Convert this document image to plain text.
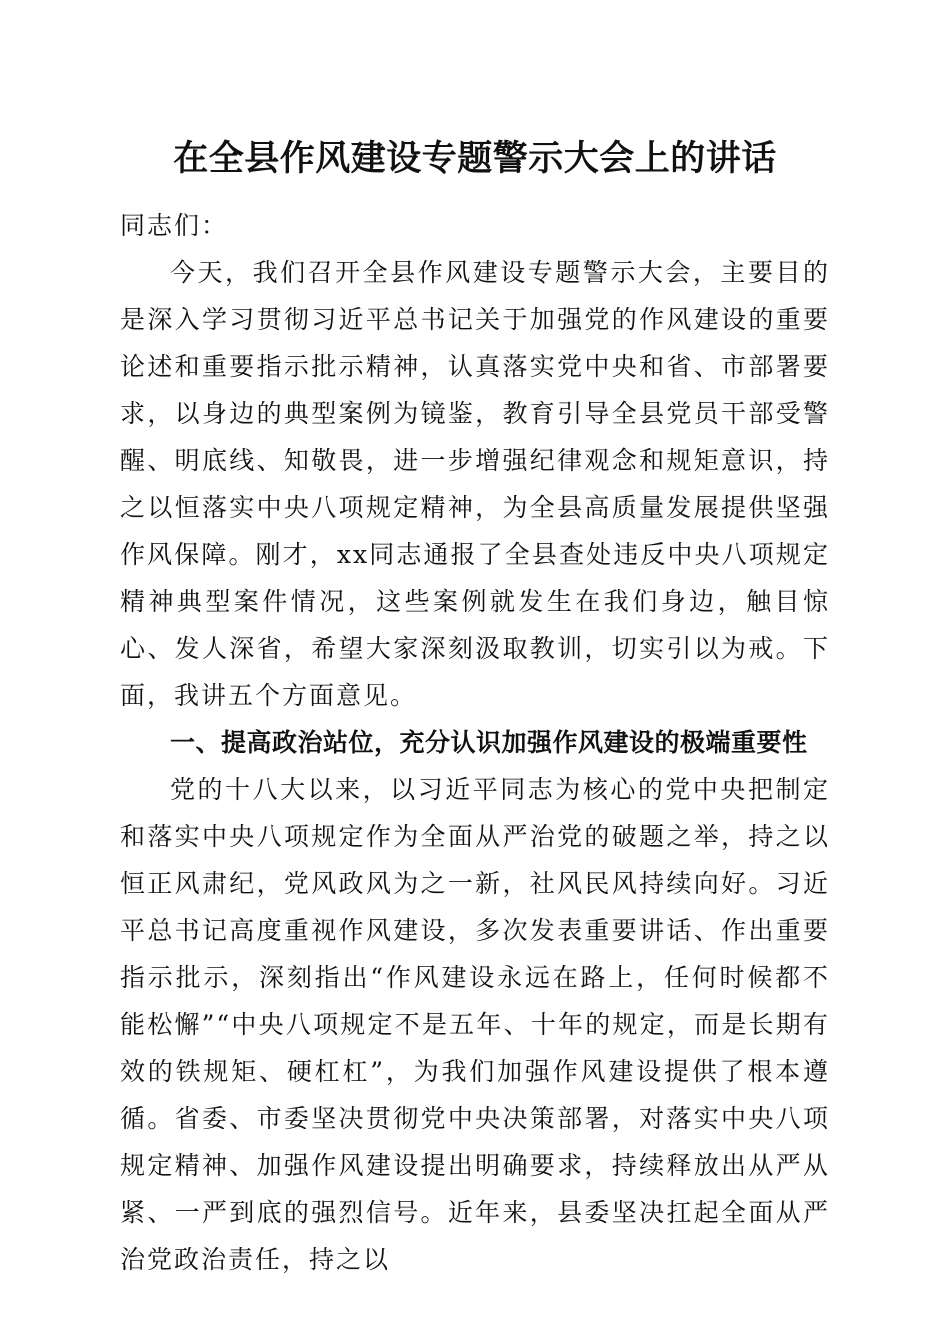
在全县作风建设专题警示大会上的讲话

同志们：

今天，我们召开全县作风建设专题警示大会，主要目的是深入学习贯彻习近平总书记关于加强党的作风建设的重要论述和重要指示批示精神，认真落实党中央和省、市部署要求，以身边的典型案例为镜鉴，教育引导全县党员干部受警醒、明底线、知敬畏，进一步增强纪律观念和规矩意识，持之以恒落实中央八项规定精神，为全县高质量发展提供坚强作风保障。刚才，xx同志通报了全县查处违反中央八项规定精神典型案件情况，这些案例就发生在我们身边，触目惊心、发人深省，希望大家深刻汲取教训，切实引以为戒。下面，我讲五个方面意见。

一、提高政治站位，充分认识加强作风建设的极端重要性

党的十八大以来，以习近平同志为核心的党中央把制定和落实中央八项规定作为全面从严治党的破题之举，持之以恒正风肃纪，党风政风为之一新，社风民风持续向好。习近平总书记高度重视作风建设，多次发表重要讲话、作出重要指示批示，深刻指出“作风建设永远在路上，任何时候都不能松懈”“中央八项规定不是五年、十年的规定，而是长期有效的铁规矩、硬杠杠”，为我们加强作风建设提供了根本遵循。省委、市委坚决贯彻党中央决策部署，对落实中央八项规定精神、加强作风建设提出明确要求，持续释放出从严从紧、一严到底的强烈信号。近年来，县委坚决扛起全面从严治党政治责任，持之以
